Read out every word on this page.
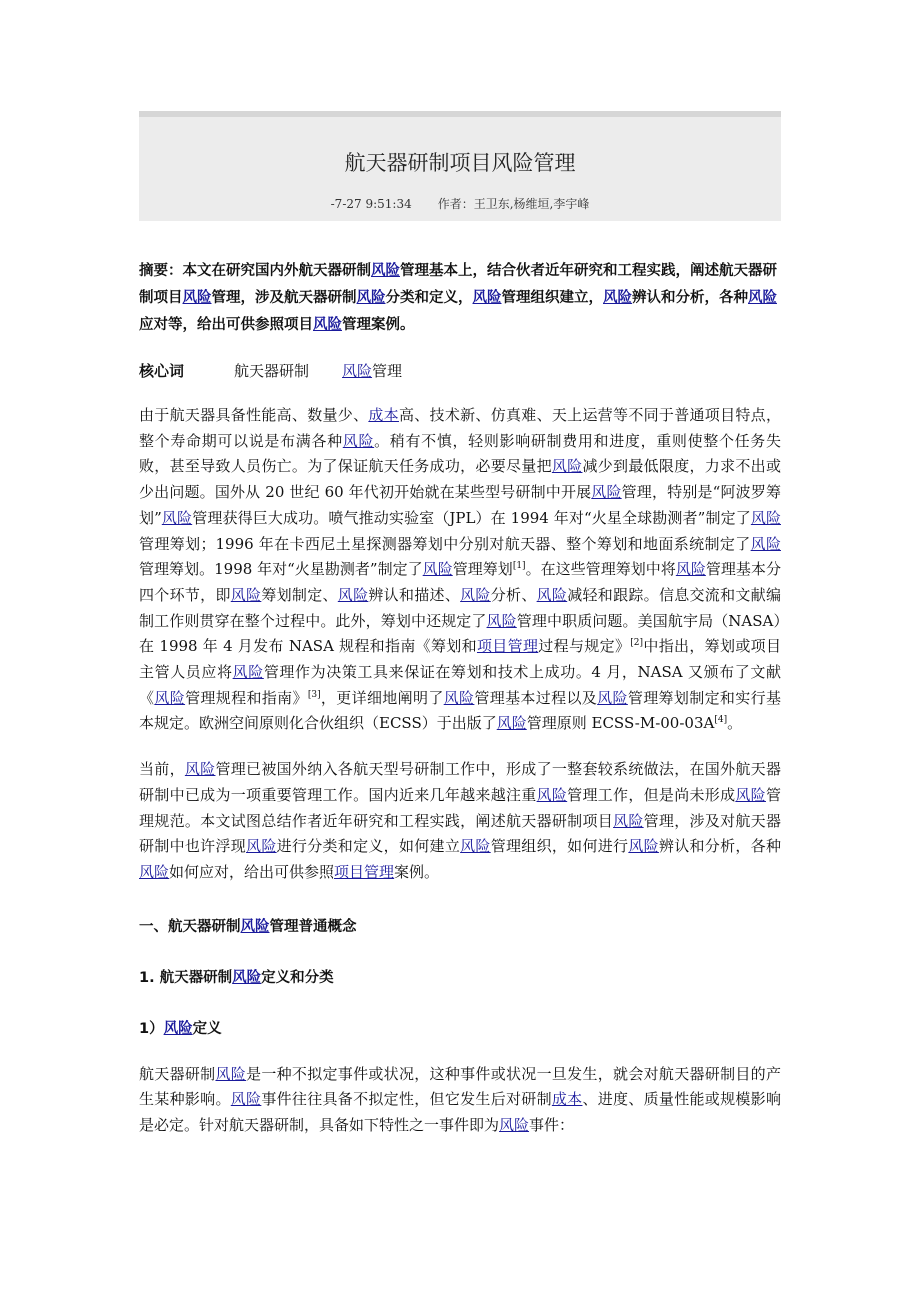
航天器研制项目风险管理
-7-27 9:51:34 作者：王卫东,杨维垣,李宇峰

摘要：本文在研究国内外航天器研制风险管理基本上，结合伙者近年研究和工程实践，阐述航天器研制项目风险管理，涉及航天器研制风险分类和定义，风险管理组织建立，风险辨认和分析，各种风险应对等，给出可供参照项目风险管理案例。

核心词	航天器研制 风险管理

由于航天器具备性能高、数量少、成本高、技术新、仿真难、天上运营等不同于普通项目特点，整个寿命期可以说是布满各种风险。稍有不慎，轻则影响研制费用和进度，重则使整个任务失败，甚至导致人员伤亡。为了保证航天任务成功，必要尽量把风险减少到最低限度，力求不出或少出问题。国外从 20 世纪 60 年代初开始就在某些型号研制中开展风险管理，特别是“阿波罗筹划”风险管理获得巨大成功。喷气推动实验室（JPL）在 1994 年对“火星全球勘测者”制定了风险管理筹划；1996 年在卡西尼土星探测器筹划中分别对航天器、整个筹划和地面系统制定了风险管理筹划。1998 年对“火星勘测者”制定了风险管理筹划[1]。在这些管理筹划中将风险管理基本分四个环节，即风险筹划制定、风险辨认和描述、风险分析、风险减轻和跟踪。信息交流和文献编制工作则贯穿在整个过程中。此外，筹划中还规定了风险管理中职质问题。美国航宇局（NASA）在 1998 年 4 月发布 NASA 规程和指南《筹划和项目管理过程与规定》[2]中指出，筹划或项目主管人员应将风险管理作为决策工具来保证在筹划和技术上成功。4 月，NASA 又颁布了文献《风险管理规程和指南》[3]，更详细地阐明了风险管理基本过程以及风险管理筹划制定和实行基本规定。欧洲空间原则化合伙组织（ECSS）于出版了风险管理原则 ECSS-M-00-03A[4]。

当前，风险管理已被国外纳入各航天型号研制工作中，形成了一整套较系统做法，在国外航天器研制中已成为一项重要管理工作。国内近来几年越来越注重风险管理工作，但是尚未形成风险管理规范。本文试图总结作者近年研究和工程实践，阐述航天器研制项目风险管理，涉及对航天器研制中也许浮现风险进行分类和定义，如何建立风险管理组织，如何进行风险辨认和分析，各种风险如何应对，给出可供参照项目管理案例。

一、航天器研制风险管理普通概念

1. 航天器研制风险定义和分类

1）风险定义

航天器研制风险是一种不拟定事件或状况，这种事件或状况一旦发生，就会对航天器研制目的产生某种影响。风险事件往往具备不拟定性，但它发生后对研制成本、进度、质量性能或规模影响是必定。针对航天器研制，具备如下特性之一事件即为风险事件：
